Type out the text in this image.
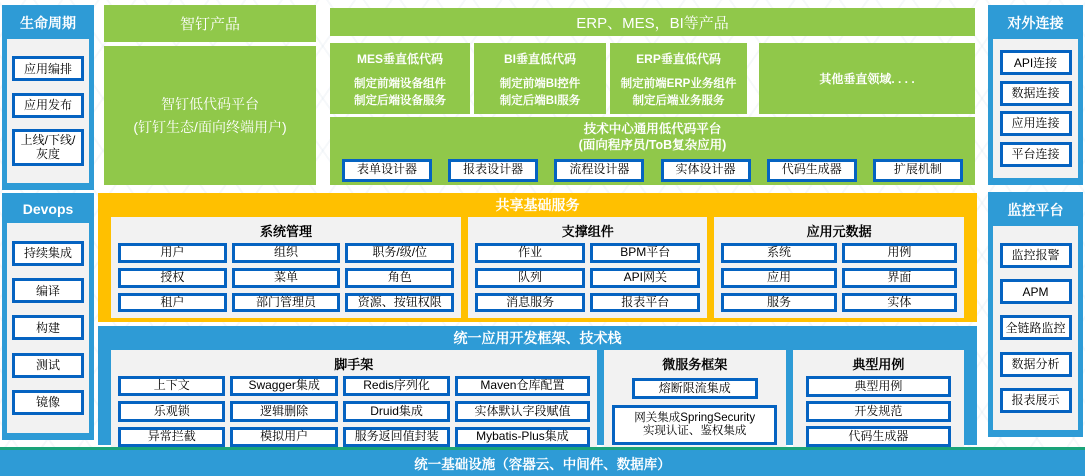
生命周期
应用编排
应用发布
上线/下线/灰度
Devops
持续集成
编译
构建
测试
镜像
对外连接
API连接
数据连接
应用连接
平台连接
监控平台
监控报警
APM
全链路监控
数据分析
报表展示
智钉产品	ERP、MES，BI等产品
智钉低代码平台
(钉钉生态/面向终端用户)
MES垂直低代码
制定前端设备组件
制定后端设备服务
BI垂直低代码
制定前端BI控件
制定后端BI服务
ERP垂直低代码
制定前端ERP业务组件
制定后端业务服务
其他垂直领域. . . .
技术中心通用低代码平台
(面向程序员/ToB复杂应用)
表单设计器	报表设计器	流程设计器	实体设计器	代码生成器	扩展机制
共享基础服务
系统管理
用户	组织	职务/级/位
授权	菜单	角色
租户	部门管理员	资源、按钮权限
支撑组件
作业	BPM平台
队列	API网关
消息服务	报表平台
应用元数据
系统	用例
应用	界面
服务	实体
统一应用开发框架、技术栈
脚手架
上下文	Swagger集成	Redis序列化	Maven仓库配置
乐观锁	逻辑删除	Druid集成	实体默认字段赋值
异常拦截	模拟用户	服务返回值封装	Mybatis-Plus集成
微服务框架
熔断限流集成
网关集成SpringSecurity
实现认证、鉴权集成
典型用例
典型用例
开发规范
代码生成器
统一基础设施（容器云、中间件、数据库）
